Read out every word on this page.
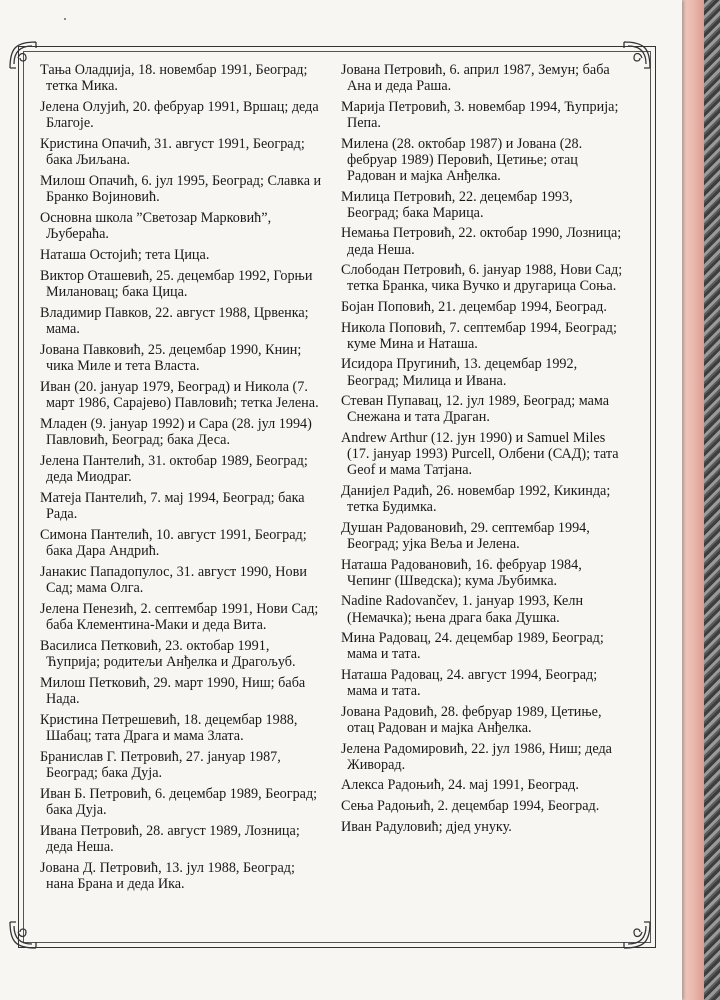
Тања Оладџија, 18. новембар 1991, Београд; тетка Мика.

Јелена Олујић, 20. фебруар 1991, Вршац; деда Благоје.

Кристина Опачић, 31. август 1991, Београд; бака Љиљана.

Милош Опачић, 6. јул 1995, Београд; Славка и Бранко Војиновић.

Основна школа ”Светозар Марковић”, Љубераћа.

Наташа Остојић; тета Цица.

Виктор Оташевић, 25. децембар 1992, Горњи Милановац; бака Цица.

Владимир Павков, 22. август 1988, Црвенка; мама.

Јована Павковић, 25. децембар 1990, Книн; чика Миле и тета Власта.

Иван (20. јануар 1979, Београд) и Никола (7. март 1986, Сарајево) Павловић; тетка Јелена.

Младен (9. јануар 1992) и Сара (28. јул 1994) Павловић, Београд; бака Деса.

Јелена Пантелић, 31. октобар 1989, Београд; деда Миодраг.

Матеја Пантелић, 7. мај 1994, Београд; бака Рада.

Симона Пантелић, 10. август 1991, Београд; бака Дара Андрић.

Јанакис Пападопулос, 31. август 1990, Нови Сад; мама Олга.

Јелена Пенезић, 2. септембар 1991, Нови Сад; баба Клементина-Маки и деда Вита.

Василиса Петковић, 23. октобар 1991, Ћуприја; родитељи Анђелка и Драгољуб.

Милош Петковић, 29. март 1990, Ниш; баба Нада.

Кристина Петрешевић, 18. децембар 1988, Шабац; тата Драга и мама Злата.

Бранислав Г. Петровић, 27. јануар 1987, Београд; бака Дуја.

Иван Б. Петровић, 6. децембар 1989, Београд; бака Дуја.

Ивана Петровић, 28. август 1989, Лозница; деда Неша.

Јована Д. Петровић, 13. јул 1988, Београд; нана Брана и деда Ика.

Јована Петровић, 6. април 1987, Земун; баба Ана и деда Раша.

Марија Петровић, 3. новембар 1994, Ћуприја; Пепа.

Милена (28. октобар 1987) и Јована (28. фебруар 1989) Перовић, Цетиње; отац Радован и мајка Анђелка.

Милица Петровић, 22. децембар 1993, Београд; бака Марица.

Немања Петровић, 22. октобар 1990, Лозница; деда Неша.

Слободан Петровић, 6. јануар 1988, Нови Сад; тетка Бранка, чика Вучко и другарица Соња.

Бојан Поповић, 21. децембар 1994, Београд.

Никола Поповић, 7. септембар 1994, Београд; куме Мина и Наташа.

Исидора Пругинић, 13. децембар 1992, Београд; Милица и Ивана.

Стеван Пупавац, 12. јул 1989, Београд; мама Снежана и тата Драган.

Andrew Arthur (12. јун 1990) и Samuel Miles (17. јануар 1993) Purcell, Олбени (САД); тата Geof и мама Татјана.

Данијел Радић, 26. новембар 1992, Кикинда; тетка Будимка.

Душан Радовановић, 29. септембар 1994, Београд; ујка Веља и Јелена.

Наташа Радовановић, 16. фебруар 1984, Чепинг (Шведска); кума Љубимка.

Nadine Radovančev, 1. јануар 1993, Келн (Немачка); њена драга бака Душка.

Мина Радовац, 24. децембар 1989, Београд; мама и тата.

Наташа Радовац, 24. август 1994, Београд; мама и тата.

Јована Радовић, 28. фебруар 1989, Цетиње, отац Радован и мајка Анђелка.

Јелена Радомировић, 22. јул 1986, Ниш; деда Живорад.

Алекса Радоњић, 24. мај 1991, Београд.

Сења Радоњић, 2. децембар 1994, Београд.

Иван Радуловић; дјед унуку.
